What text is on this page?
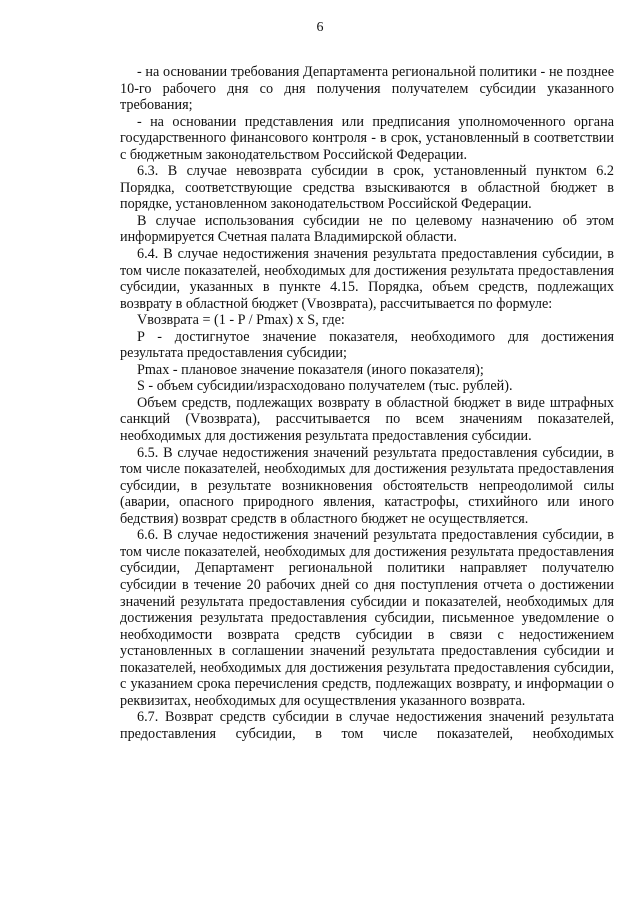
6

- на основании требования Департамента региональной политики - не позднее 10-го рабочего дня со дня получения получателем субсидии указанного требования;

- на основании представления или предписания уполномоченного органа государственного финансового контроля - в срок, установленный в соответствии с бюджетным законодательством Российской Федерации.

6.3. В случае невозврата субсидии в срок, установленный пунктом 6.2 Порядка, соответствующие средства взыскиваются в областной бюджет в порядке, установленном законодательством Российской Федерации.

В случае использования субсидии не по целевому назначению об этом информируется Счетная палата Владимирской области.

6.4. В случае недостижения значения результата предоставления субсидии, в том числе показателей, необходимых для достижения результата предоставления субсидии, указанных в пункте 4.15. Порядка, объем средств, подлежащих возврату в областной бюджет (Vвозврата), рассчитывается по формуле:

Vвозврата = (1 - P / Pmax) x S, где:

P - достигнутое значение показателя, необходимого для достижения результата предоставления субсидии;

Pmax - плановое значение показателя (иного показателя);

S - объем субсидии/израсходовано получателем (тыс. рублей).

Объем средств, подлежащих возврату в областной бюджет в виде штрафных санкций (Vвозврата), рассчитывается по всем значениям показателей, необходимых для достижения результата предоставления субсидии.

6.5. В случае недостижения значений результата предоставления субсидии, в том числе показателей, необходимых для достижения результата предоставления субсидии, в результате возникновения обстоятельств непреодолимой силы (аварии, опасного природного явления, катастрофы, стихийного или иного бедствия) возврат средств в областного бюджет не осуществляется.

6.6. В случае недостижения значений результата предоставления субсидии, в том числе показателей, необходимых для достижения результата предоставления субсидии, Департамент региональной политики направляет получателю субсидии в течение 20 рабочих дней со дня поступления отчета о достижении значений результата предоставления субсидии и показателей, необходимых для достижения результата предоставления субсидии, письменное уведомление о необходимости возврата средств субсидии в связи с недостижением установленных в соглашении значений результата предоставления субсидии и показателей, необходимых для достижения результата предоставления субсидии, с указанием срока перечисления средств, подлежащих возврату, и информации о реквизитах, необходимых для осуществления указанного возврата.

6.7. Возврат средств субсидии в случае недостижения значений результата предоставления субсидии, в том числе показателей, необходимых
